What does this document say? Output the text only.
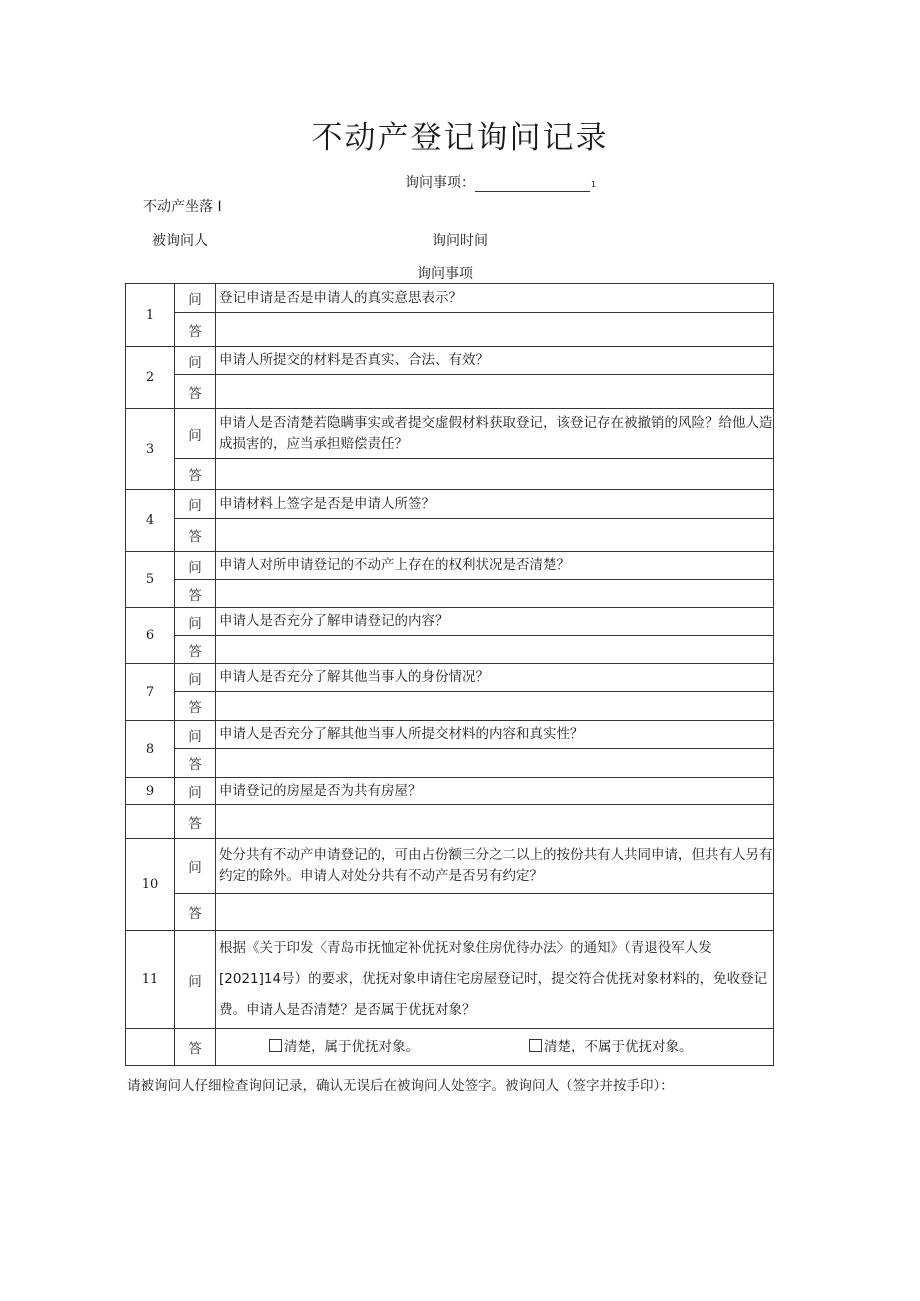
不动产登记询问记录
询问事项：	1
不动产坐落 I
被询问人	询问时间
询问事项
1	问	登记申请是否是申请人的真实意思表示？
	答	
2	问	申请人所提交的材料是否真实、合法、有效？
	答	
3	问	申请人是否清楚若隐瞒事实或者提交虚假材料获取登记，该登记存在被撤销的风险？给他人造成损害的，应当承担赔偿责任？
	答	
4	问	申请材料上签字是否是申请人所签？
	答	
5	问	申请人对所申请登记的不动产上存在的权利状况是否清楚？
	答	
6	问	申请人是否充分了解申请登记的内容？
	答	
7	问	申请人是否充分了解其他当事人的身份情况？
	答	
8	问	申请人是否充分了解其他当事人所提交材料的内容和真实性？
	答	
9	问	申请登记的房屋是否为共有房屋？
	答	
10	问	处分共有不动产申请登记的，可由占份额三分之二以上的按份共有人共同申请，但共有人另有约定的除外。申请人对处分共有不动产是否另有约定？
	答	
11	问	根据《关于印发〈青岛市抚恤定补优抚对象住房优待办法〉的通知》（青退役军人发[2021]14号）的要求，优抚对象申请住宅房屋登记时，提交符合优抚对象材料的，免收登记费。申请人是否清楚？是否属于优抚对象？
	答	清楚，属于优抚对象。 清楚，不属于优抚对象。
请被询问人仔细检查询问记录，确认无误后在被询问人处签字。被询问人（签字并按手印）：
